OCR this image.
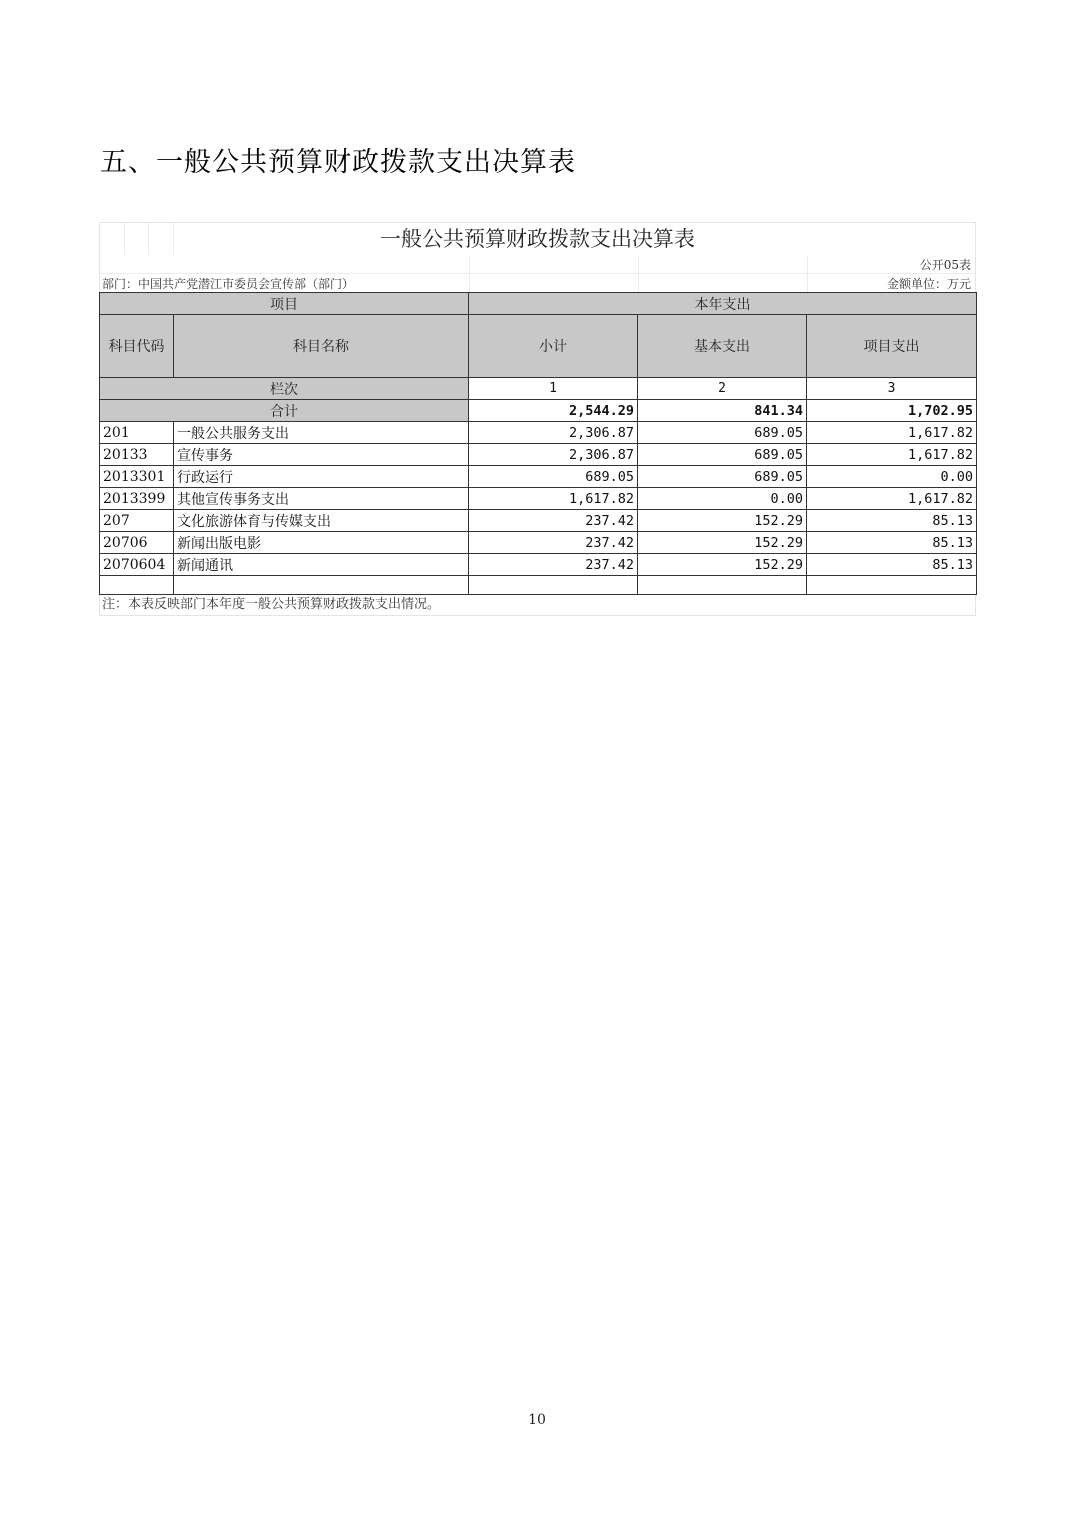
五、一般公共预算财政拨款支出决算表
一般公共预算财政拨款支出决算表
公开05表
部门：中国共产党潜江市委员会宣传部（部门）	金额单位：万元
项目		本年支出		
科目代码	科目名称	小计	基本支出	项目支出
栏次		1	2	3
合计		2,544.29	841.34	1,702.95
201	一般公共服务支出	2,306.87	689.05	1,617.82
20133	宣传事务	2,306.87	689.05	1,617.82
2013301	行政运行	689.05	689.05	0.00
2013399	其他宣传事务支出	1,617.82	0.00	1,617.82
207	文化旅游体育与传媒支出	237.42	152.29	85.13
20706	新闻出版电影	237.42	152.29	85.13
2070604	新闻通讯	237.42	152.29	85.13

注：本表反映部门本年度一般公共预算财政拨款支出情况。
10
